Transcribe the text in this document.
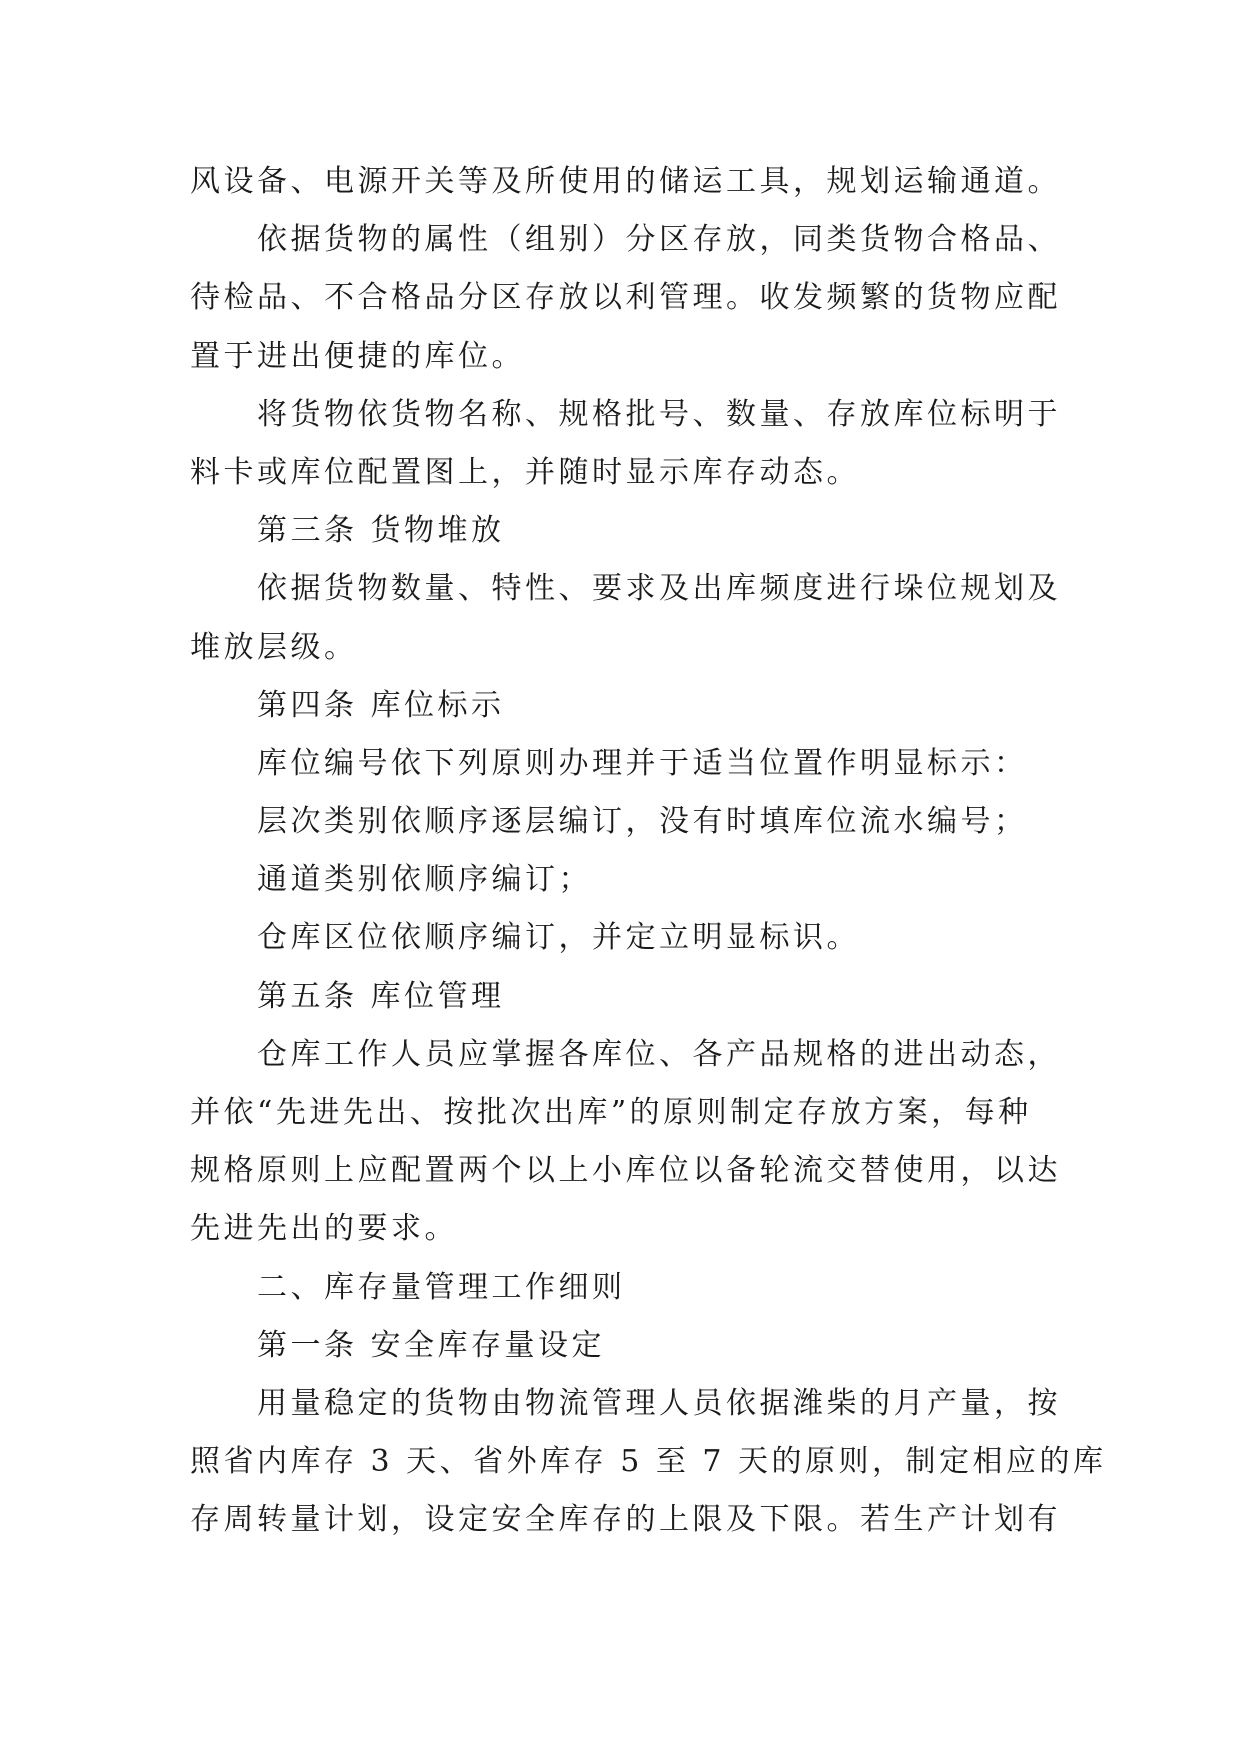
风设备、电源开关等及所使用的储运工具，规划运输通道。
依据货物的属性（组别）分区存放，同类货物合格品、
待检品、不合格品分区存放以利管理。收发频繁的货物应配
置于进出便捷的库位。
将货物依货物名称、规格批号、数量、存放库位标明于
料卡或库位配置图上，并随时显示库存动态。
第三条 货物堆放
依据货物数量、特性、要求及出库频度进行垛位规划及
堆放层级。
第四条 库位标示
库位编号依下列原则办理并于适当位置作明显标示：
层次类别依顺序逐层编订，没有时填库位流水编号；
通道类别依顺序编订；
仓库区位依顺序编订，并定立明显标识。
第五条 库位管理
仓库工作人员应掌握各库位、各产品规格的进出动态，
并依“先进先出、按批次出库”的原则制定存放方案，每种
规格原则上应配置两个以上小库位以备轮流交替使用，以达
先进先出的要求。
二、库存量管理工作细则
第一条 安全库存量设定
用量稳定的货物由物流管理人员依据潍柴的月产量，按
照省内库存 3 天、省外库存 5 至 7 天的原则，制定相应的库
存周转量计划，设定安全库存的上限及下限。若生产计划有
